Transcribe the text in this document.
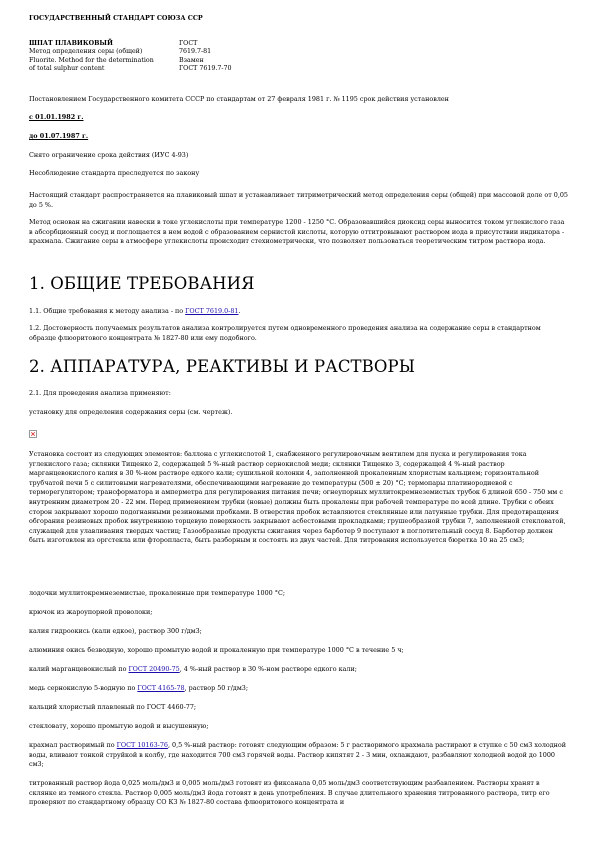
ГОСУДАРСТВЕННЫЙ СТАНДАРТ СОЮЗА ССР
ШПАТ ПЛАВИКОВЫЙ	ГОСТ
Метод определения серы (общей)	7619.7-81
Fluorite. Method for the determination	Взамен
of total sulphur content	ГОСТ 7619.7-70
Постановлением Государственного комитета СССР по стандартам от 27 февраля 1981 г. № 1195 срок действия установлен
с 01.01.1982 г.
до 01.07.1987 г.
Снято ограничение срока действия (ИУС 4-93)
Несоблюдение стандарта преследуется по закону
Настоящий стандарт распространяется на плавиковый шпат и устанавливает титриметрический метод определения серы (общей) при массовой доле от 0,05 до 5 %.
Метод основан на сжигании навески в токе углекислоты при температуре 1200 - 1250 °С. Образовавшийся диоксид серы выносится током углекислого газа в абсорбционный сосуд и поглощается в нем водой с образованием сернистой кислоты, которую оттитровывают раствором иода в присутствии индикатора - крахмала. Сжигание серы в атмосфере углекислоты происходит стехиометрически, что позволяет пользоваться теоретическим титром раствора иода.
1. ОБЩИЕ ТРЕБОВАНИЯ
1.1. Общие требования к методу анализа - по ГОСТ 7619.0-81.
1.2. Достоверность получаемых результатов анализа контролируется путем одновременного проведения анализа на содержание серы в стандартном образце флюоритового концентрата № 1827-80 или ему подобного.
2. АППАРАТУРА, РЕАКТИВЫ И РАСТВОРЫ
2.1. Для проведения анализа применяют:
установку для определения содержания серы (см. чертеж).
Установка состоит из следующих элементов: баллона с углекислотой 1, снабженного регулировочным вентилем для пуска и регулирования тока углекислого газа; склянки Тищенко 2, содержащей 5 %-ный раствор сернокислой меди; склянки Тищенко 3, содержащей 4 %-ный раствор марганцевокислого калия в 30 %-ном растворе едкого кали; сушильной колонки 4, заполненной прокаленным хлористым кальцием; горизонтальной трубчатой печи 5 с силитовыми нагревателями, обеспечивающими нагревание до температуры (500 ± 20) °С; термопары платинородиевой с терморегулятором; трансформатора и амперметра для регулирования питания печи; огнеупорных муллитокремнеземистых трубок 6 длиной 650 - 750 мм с внутренним диаметром 20 - 22 мм. Перед применением трубки (новые) должны быть прокалены при рабочей температуре по всей длине. Трубки с обеих сторон закрывают хорошо подогнанными резиновыми пробками. В отверстия пробок вставляются стеклянные или латунные трубки. Для предотвращения обгорания резиновых пробок внутреннюю торцевую поверхность закрывают асбестовыми прокладками; грушеобразной трубки 7, заполненной стекловатой, служащей для улавливания твердых частиц; Газообразные продукты сжигания через барботер 9 поступают в поглотительный сосуд 8. Барботер должен быть изготовлен из оргстекла или фторопласта, быть разборным и состоять из двух частей. Для титрования используется бюретка 10 на 25 см3;
лодочки муллитокремнеземистые, прокаленные при температуре 1000 °С;
крючок из жароупорной проволоки;
калия гидроокись (кали едкое), раствор 300 г/дм3;
алюминия окись безводную, хорошо промытую водой и прокаленную при температуре 1000 °С в течение 5 ч;
калий марганцевокислый по ГОСТ 20490-75, 4 %-ный раствор в 30 %-ном растворе едкого кали;
медь сернокислую 5-водную по ГОСТ 4165-78, раствор 50 г/дм3;
кальций хлористый плавленый по ГОСТ 4460-77;
стекловату, хорошо промытую водой и высушенную;
крахмал растворимый по ГОСТ 10163-76, 0,5 %-ный раствор: готовят следующим образом: 5 г растворимого крахмала растирают в ступке с 50 см3 холодной воды, вливают тонкой струйкой в колбу, где находится 700 см3 горячей воды. Раствор кипятят 2 - 3 мин, охлаждают, разбавляют холодной водой до 1000 см3;
титрованный раствор йода 0,025 моль/дм3 и 0,005 моль/дм3 готовят из фиксанала 0,05 моль/дм3 соответствующим разбавлением. Растворы хранят в склянке из темного стекла. Раствор 0,005 моль/дм3 йода готовят в день употребления. В случае длительного хранения титрованного раствора, титр его проверяют по стандартному образцу СО КЗ № 1827-80 состава флюоритового концентрата и
